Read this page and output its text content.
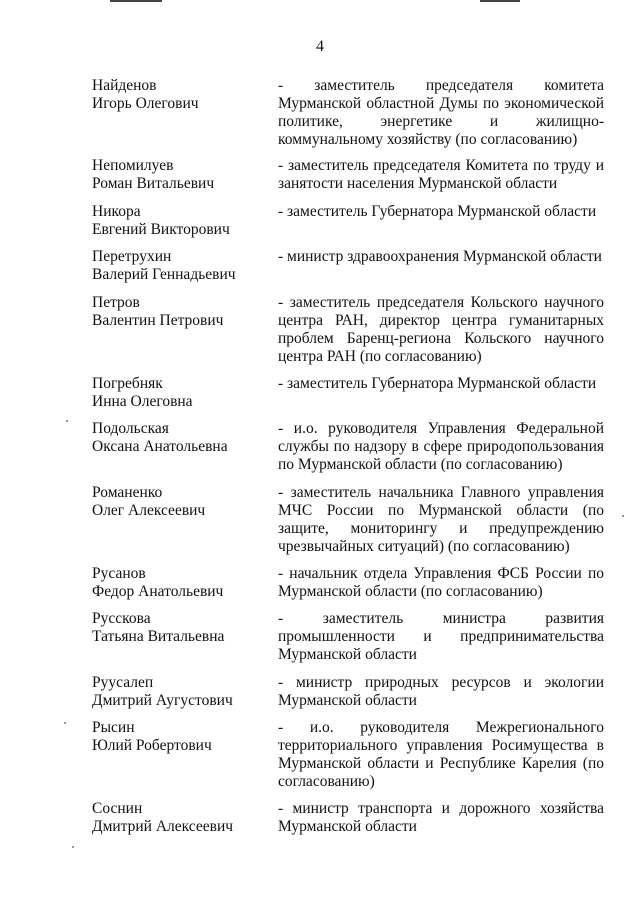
4
Найденов
Игорь Олегович
- заместитель председателя комитета Мурманской областной Думы по экономической политике, энергетике и жилищно-коммунальному хозяйству (по согласованию)
Непомилуев
Роман Витальевич
- заместитель председателя Комитета по труду и занятости населения Мурманской области
Никора
Евгений Викторович
- заместитель Губернатора Мурманской области
Перетрухин
Валерий Геннадьевич
- министр здравоохранения Мурманской области
Петров
Валентин Петрович
- заместитель председателя Кольского научного центра РАН, директор центра гуманитарных проблем Баренц-региона Кольского научного центра РАН (по согласованию)
Погребняк
Инна Олеговна
- заместитель Губернатора Мурманской области
Подольская
Оксана Анатольевна
- и.о. руководителя Управления Федеральной службы по надзору в сфере природопользования по Мурманской области (по согласованию)
Романенко
Олег Алексеевич
- заместитель начальника Главного управления МЧС России по Мурманской области (по защите, мониторингу и предупреждению чрезвычайных ситуаций) (по согласованию)
Русанов
Федор Анатольевич
- начальник отдела Управления ФСБ России по Мурманской области (по согласованию)
Русскова
Татьяна Витальевна
- заместитель министра развития промышленности и предпринимательства Мурманской области
Руусалеп
Дмитрий Аугустович
- министр природных ресурсов и экологии Мурманской области
Рысин
Юлий Робертович
- и.о. руководителя Межрегионального территориального управления Росимущества в Мурманской области и Республике Карелия (по согласованию)
Соснин
Дмитрий Алексеевич
- министр транспорта и дорожного хозяйства Мурманской области
